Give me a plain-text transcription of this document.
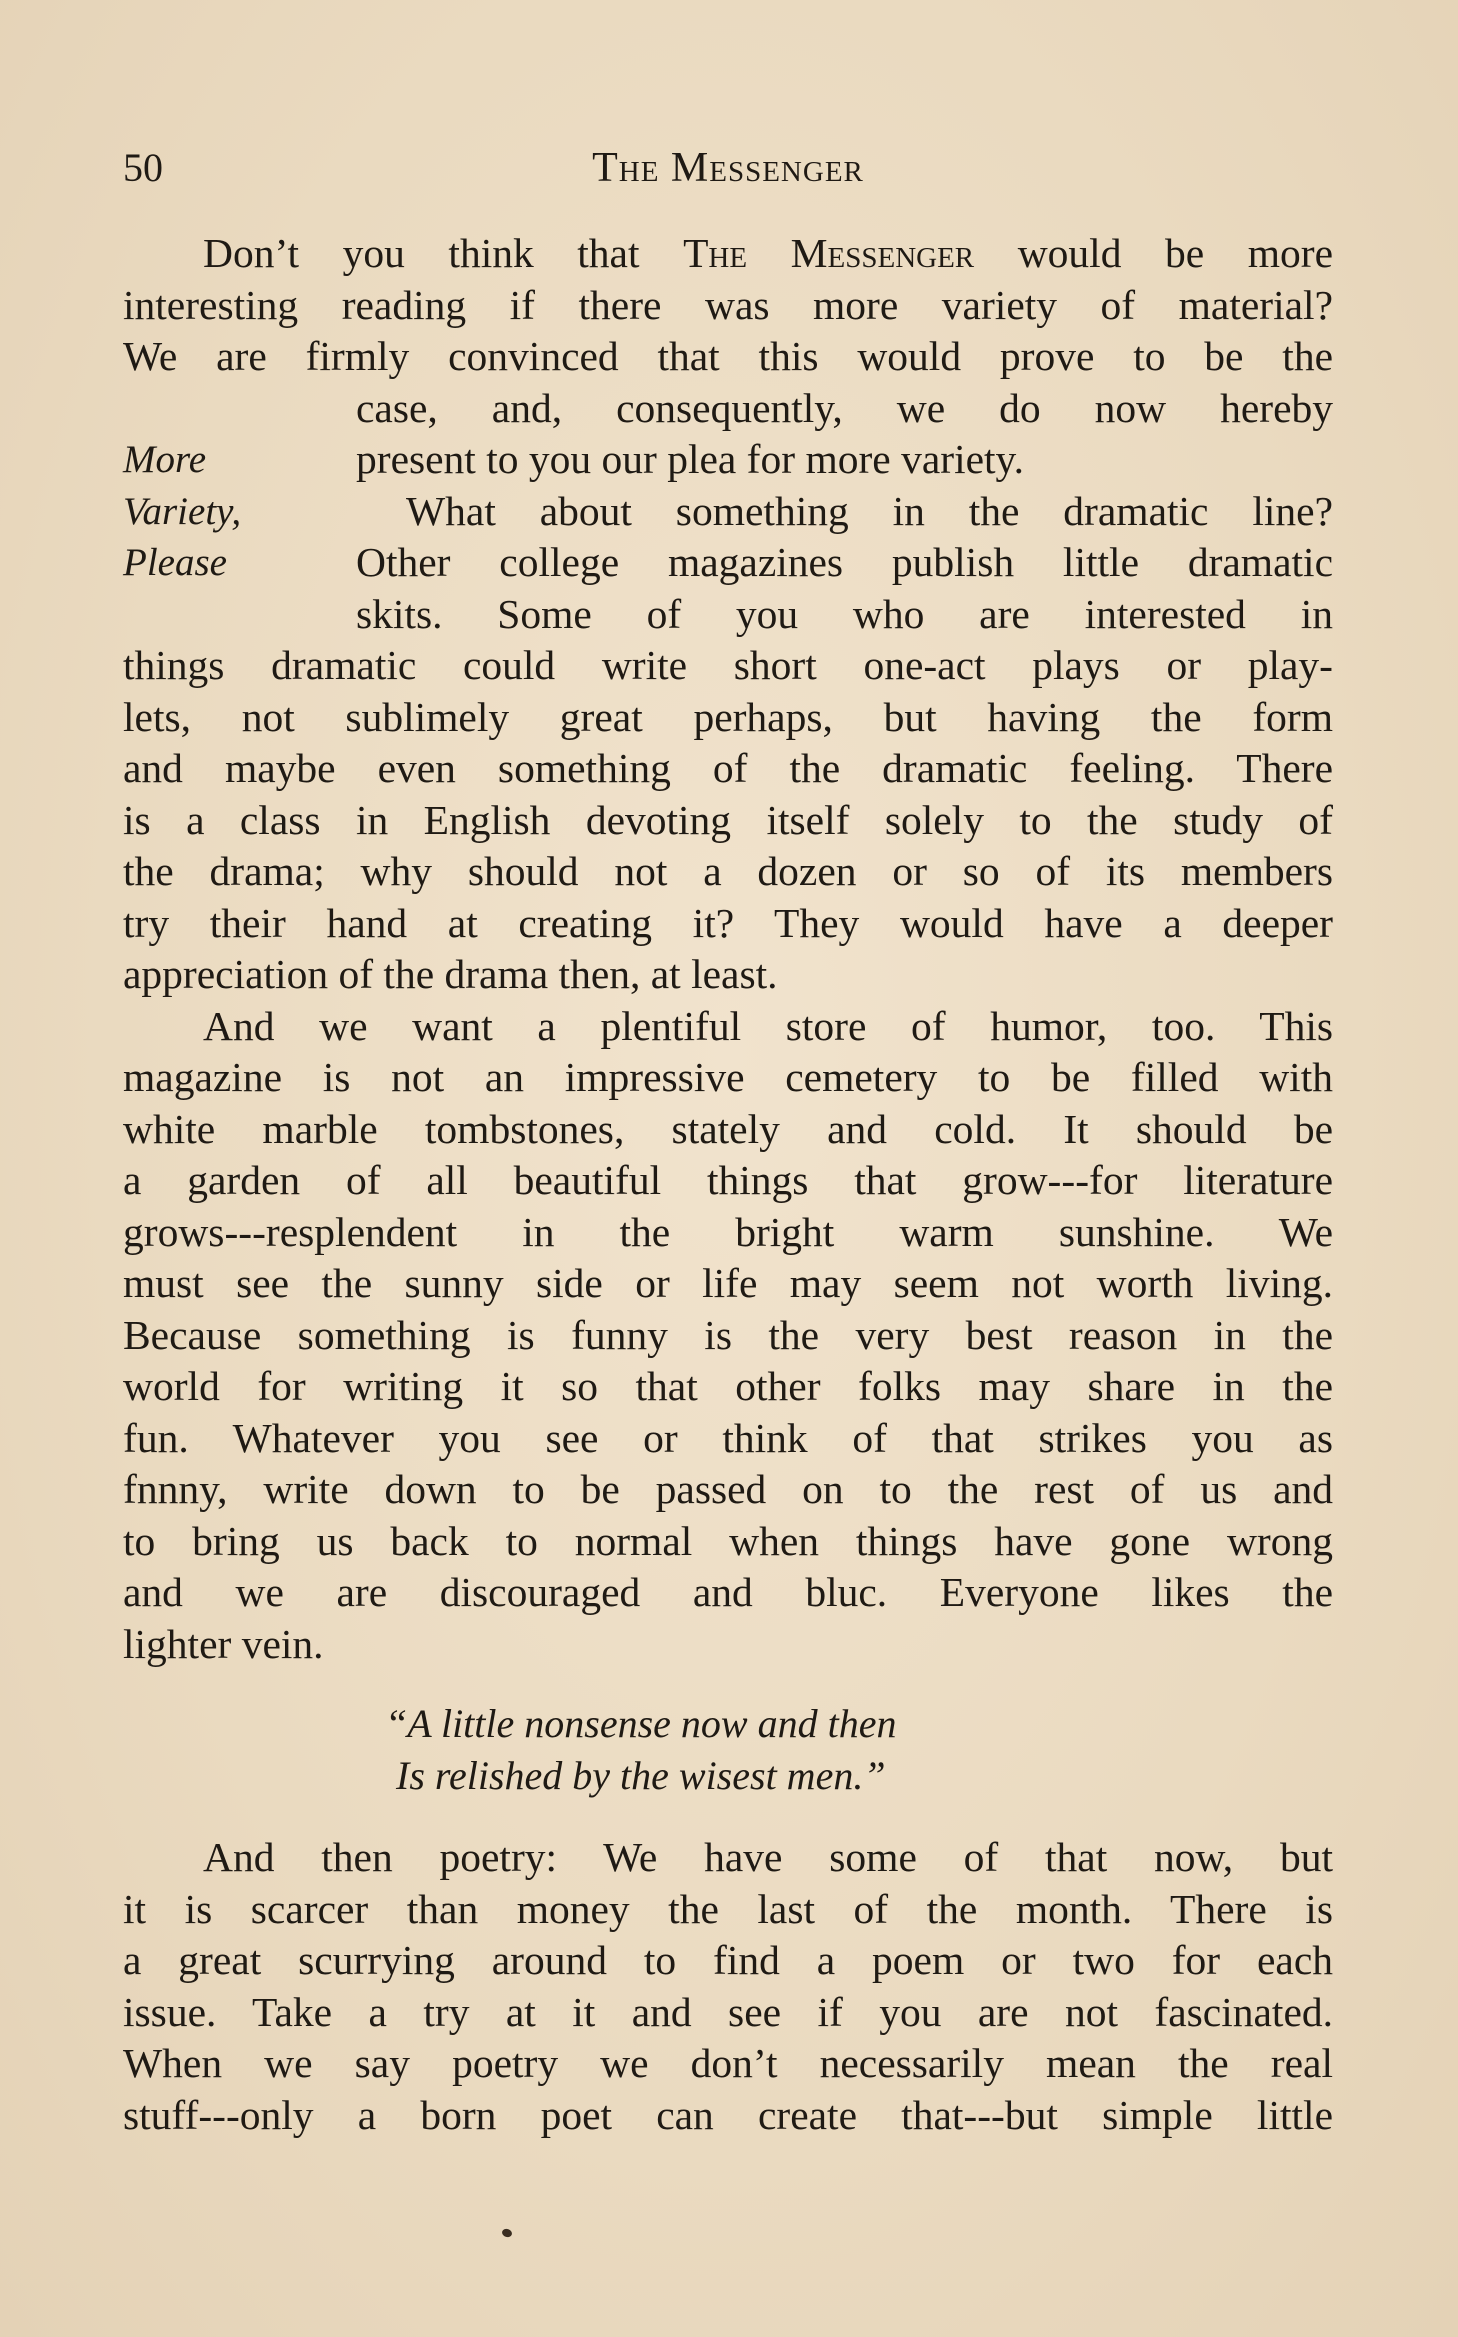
50	The Messenger
Don’t you think that The Messenger would be more
interesting reading if there was more variety of material?
We are firmly convinced that this would prove to be the
More
Variety,
Please
case, and, consequently, we do now hereby
present to you our plea for more variety.
What about something in the dramatic line?
Other college magazines publish little dramatic
skits. Some of you who are interested in
things dramatic could write short one-act plays or play-
lets, not sublimely great perhaps, but having the form
and maybe even something of the dramatic feeling. There
is a class in English devoting itself solely to the study of
the drama; why should not a dozen or so of its members
try their hand at creating it? They would have a deeper
appreciation of the drama then, at least.
And we want a plentiful store of humor, too. This
magazine is not an impressive cemetery to be filled with
white marble tombstones, stately and cold. It should be
a garden of all beautiful things that grow---for literature
grows---resplendent in the bright warm sunshine. We
must see the sunny side or life may seem not worth living.
Because something is funny is the very best reason in the
world for writing it so that other folks may share in the
fun. Whatever you see or think of that strikes you as
fnnny, write down to be passed on to the rest of us and
to bring us back to normal when things have gone wrong
and we are discouraged and bluc. Everyone likes the
lighter vein.
“A little nonsense now and then
Is relished by the wisest men.”
And then poetry: We have some of that now, but
it is scarcer than money the last of the month. There is
a great scurrying around to find a poem or two for each
issue. Take a try at it and see if you are not fascinated.
When we say poetry we don’t necessarily mean the real
stuff---only a born poet can create that---but simple little
